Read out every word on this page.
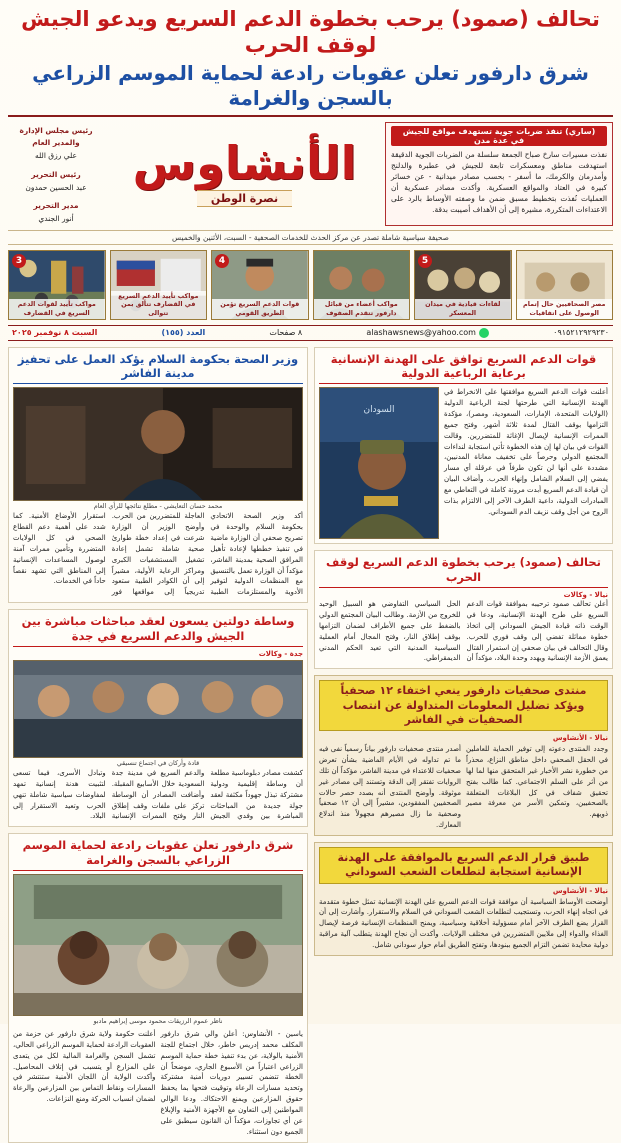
تحالف (صمود) يرحب بخطوة الدعم السريع ويدعو الجيش لوقف الحرب
شرق دارفور تعلن عقوبات رادعة لحماية الموسم الزراعي بالسجن والغرامة
رئيس مجلس الإدارة والمدير العام
علي رزق الله
رئيس التحرير
عبد الحسين حمدون
مدير التحرير
أنور الجندي
الأنشاوس
نصرة الوطن
(ساري) تنفذ ضربات جوية تستهدف مواقع للجيش في عدة مدن

نفذت مسيرات سارخ صباح الجمعة سلسلة من الضربات الجوية الدقيقة استهدفت مناطق ومعسكرات تابعة للجيش في عطبرة والدلنج وأمدرمان والكرمك، ما أسفر - بحسب مصادر ميدانية - عن خسائر كبيرة في العتاد والمواقع العسكرية. وأكدت مصادر عسكرية أن العمليات نُفذت بتخطيط مسبق ضمن ما وصفته الأوساط بالرد على الاعتداءات المتكررة، مشيرة إلى أن الأهداف أصيبت بدقة.

صحيفة سياسية شاملة تصدر عن مركز الحدث للخدمات الصحفية - السبت، الأثنين والخميس
3
مواكب تأييد لقوات الدعم السريع في القضارف
مواكب تأييد الدعم السريع في القضارف تتألق بمن تتوالى
4
قوات الدعم السريع تؤمن الطريق القومي
مواكب أعضاء من قبائل دارفور تتقدم الصفوف
5
لقاءات قيادية في ميدان المعسكر
مصر الصحافيين حال إتمام الوصول على اتفاقيات
السبت ٨ نوفمبر ٢٠٢٥	العدد (١٥٥)	٨ صفحات	alashawsnews@yahoo.com	٠٩١٥٢١٢٩٢٩٢٣٠
وزير الصحة بحكومة السلام يؤكد العمل على تحفيز مدينة الفاشر
محمد حسان التعايشي - مطلع نتائجها للرأي العام
أكد وزير الصحة الاتحادي بحكومة السلام والوحدة في تصريح صحفي أن الوزارة ماضية في تنفيذ خططها لإعادة تأهيل المرافق الصحية بمدينة الفاشر، مؤكداً أن الوزارة تعمل بالتنسيق مع المنظمات الدولية لتوفير الأدوية والمستلزمات الطبية العاجلة للمتضررين من الحرب. وأوضح الوزير أن الوزارة شرعت في إعداد خطة طوارئ صحية شاملة تشمل إعادة تشغيل المستشفيات الكبرى ومراكز الرعاية الأولية، مشيراً إلى أن الكوادر الطبية ستعود تدريجياً إلى مواقعها فور استقرار الأوضاع الأمنية. كما شدد على أهمية دعم القطاع الصحي في كل الولايات المتضررة وتأمين ممرات آمنة لوصول المساعدات الإنسانية إلى المناطق التي تشهد نقصاً حاداً في الخدمات.
وساطة دولتين يسعون لعقد مباحثات مباشرة بين الجيش والدعم السريع في جدة
جدة - وكالات
قادة وأركان في اجتماع تنسيقي
كشفت مصادر دبلوماسية مطلعة أن وساطة إقليمية ودولية مشتركة تبذل جهوداً مكثفة لعقد جولة جديدة من المباحثات المباشرة بين وفدي الجيش والدعم السريع في مدينة جدة السعودية خلال الأسابيع المقبلة. وأضافت المصادر أن الوساطة تركز على ملفات وقف إطلاق النار وفتح الممرات الإنسانية وتبادل الأسرى، فيما تسعى لتثبيت هدنة إنسانية تمهد لمفاوضات سياسية شاملة تنهي الحرب وتعيد الاستقرار إلى البلاد.
شرق دارفور تعلن عقوبات رادعة لحماية الموسم الزراعي بالسجن والغرامة
ناظر عموم الرزيقات محمود موسى إبراهيم مادبو
أعلنت حكومة ولاية شرق دارفور عن حزمة من العقوبات الرادعة لحماية الموسم الزراعي الحالي، تشمل السجن والغرامة المالية لكل من يتعدى على المزارع أو يتسبب في إتلاف المحاصيل. وأكدت الولاية أن اللجان الأمنية ستنتشر في المسارات ونقاط التماس بين المزارعين والرعاة لضمان انسياب الحركة ومنع النزاعات.
ياسين - الأنشاوس: أعلن والي شرق دارفور المكلف محمد إدريس خاطر، خلال اجتماع للجنة الأمنية بالولاية، عن بدء تنفيذ خطة حماية الموسم الزراعي اعتباراً من الأسبوع الجاري، موضحاً أن الخطة تتضمن تسيير دوريات أمنية مشتركة وتحديد مسارات الرعاة وتوقيت فتحها بما يحفظ حقوق المزارعين ويمنع الاحتكاك. ودعا الوالي المواطنين إلى التعاون مع الأجهزة الأمنية والإبلاغ عن أي تجاوزات، مؤكداً أن القانون سيطبق على الجميع دون استثناء.
قوات الدعم السريع توافق على الهدنة الإنسانية برعاية الرباعية الدولية
السودان
أعلنت قوات الدعم السريع موافقتها على الانخراط في الهدنة الإنسانية التي طرحتها لجنة الرباعية الدولية (الولايات المتحدة، الإمارات، السعودية، ومصر)، مؤكدة التزامها بوقف القتال لمدة ثلاثة أشهر، وفتح جميع الممرات الإنسانية لإيصال الإغاثة للمتضررين. وقالت القوات في بيان لها إن هذه الخطوة تأتي استجابة لنداءات المجتمع الدولي وحرصاً على تخفيف معاناة المدنيين، مشددة على أنها لن تكون طرفاً في عرقلة أي مسار يفضي إلى السلام الشامل وإنهاء الحرب. وأضاف البيان أن قيادة الدعم السريع أبدت مرونة كاملة في التعاطي مع المبادرات الدولية، داعية الطرف الآخر إلى الالتزام بذات الروح من أجل وقف نزيف الدم السوداني.
تحالف (صمود) يرحب بخطوة الدعم السريع لوقف الحرب
نيالا - وكالات
أعلن تحالف صمود ترحيبه بموافقة قوات الدعم السريع على طرح الهدنة الإنسانية، ودعا في الوقت ذاته قيادة الجيش السوداني إلى اتخاذ خطوة مماثلة تفضي إلى وقف فوري للحرب. وقال التحالف في بيان صحفي إن استمرار القتال يعمق الأزمة الإنسانية ويهدد وحدة البلاد، مؤكداً أن الحل السياسي التفاوضي هو السبيل الوحيد للخروج من الأزمة. وطالب البيان المجتمع الدولي بالضغط على جميع الأطراف لضمان التزامها بوقف إطلاق النار، وفتح المجال أمام العملية السياسية المدنية التي تعيد الحكم المدني الديمقراطي.
منتدى صحفيات دارفور ينعي اختفاء ١٢ صحفياً ويؤكد تضليل المعلومات المتداولة عن انتصاب الصحفيات في الفاشر
نيالا - الأنشاوس
أصدر منتدى صحفيات دارفور بياناً رسمياً نفى فيه ما تم تداوله في الأيام الماضية بشأن تعرض صحفيات للاعتداء في مدينة الفاشر، مؤكداً أن تلك الروايات تفتقر إلى الدقة وتستند إلى مصادر غير موثوقة. وأوضح المنتدى أنه بصدد حصر حالات الصحفيين المفقودين، مشيراً إلى أن ١٢ صحفياً وصحفية ما زال مصيرهم مجهولاً منذ اندلاع المعارك.
وجدد المنتدى دعوته إلى توفير الحماية للعاملين في الحقل الصحفي داخل مناطق النزاع، محذراً من خطورة نشر الأخبار غير المتحقق منها لما لها من أثر على السلم الاجتماعي. كما طالب بفتح تحقيق شفاف في كل البلاغات المتعلقة بالصحفيين، وتمكين الأسر من معرفة مصير ذويهم.
طبيق قرار الدعم السريع بالموافقة على الهدنة الإنسانية استجابة لتطلعات الشعب السوداني
نيالا - الأنشاوس
أوضحت الأوساط السياسية أن موافقة قوات الدعم السريع على الهدنة الإنسانية تمثل خطوة متقدمة في اتجاه إنهاء الحرب، وتستجيب لتطلعات الشعب السوداني في السلام والاستقرار. وأشارت إلى أن القرار يضع الطرف الآخر أمام مسؤولية أخلاقية وسياسية، ويمنح المنظمات الإنسانية فرصة لإيصال الغذاء والدواء إلى ملايين المتضررين في مختلف الولايات. وأكدت أن نجاح الهدنة يتطلب آلية مراقبة دولية محايدة تضمن التزام الجميع ببنودها، وتفتح الطريق أمام حوار سوداني شامل.
